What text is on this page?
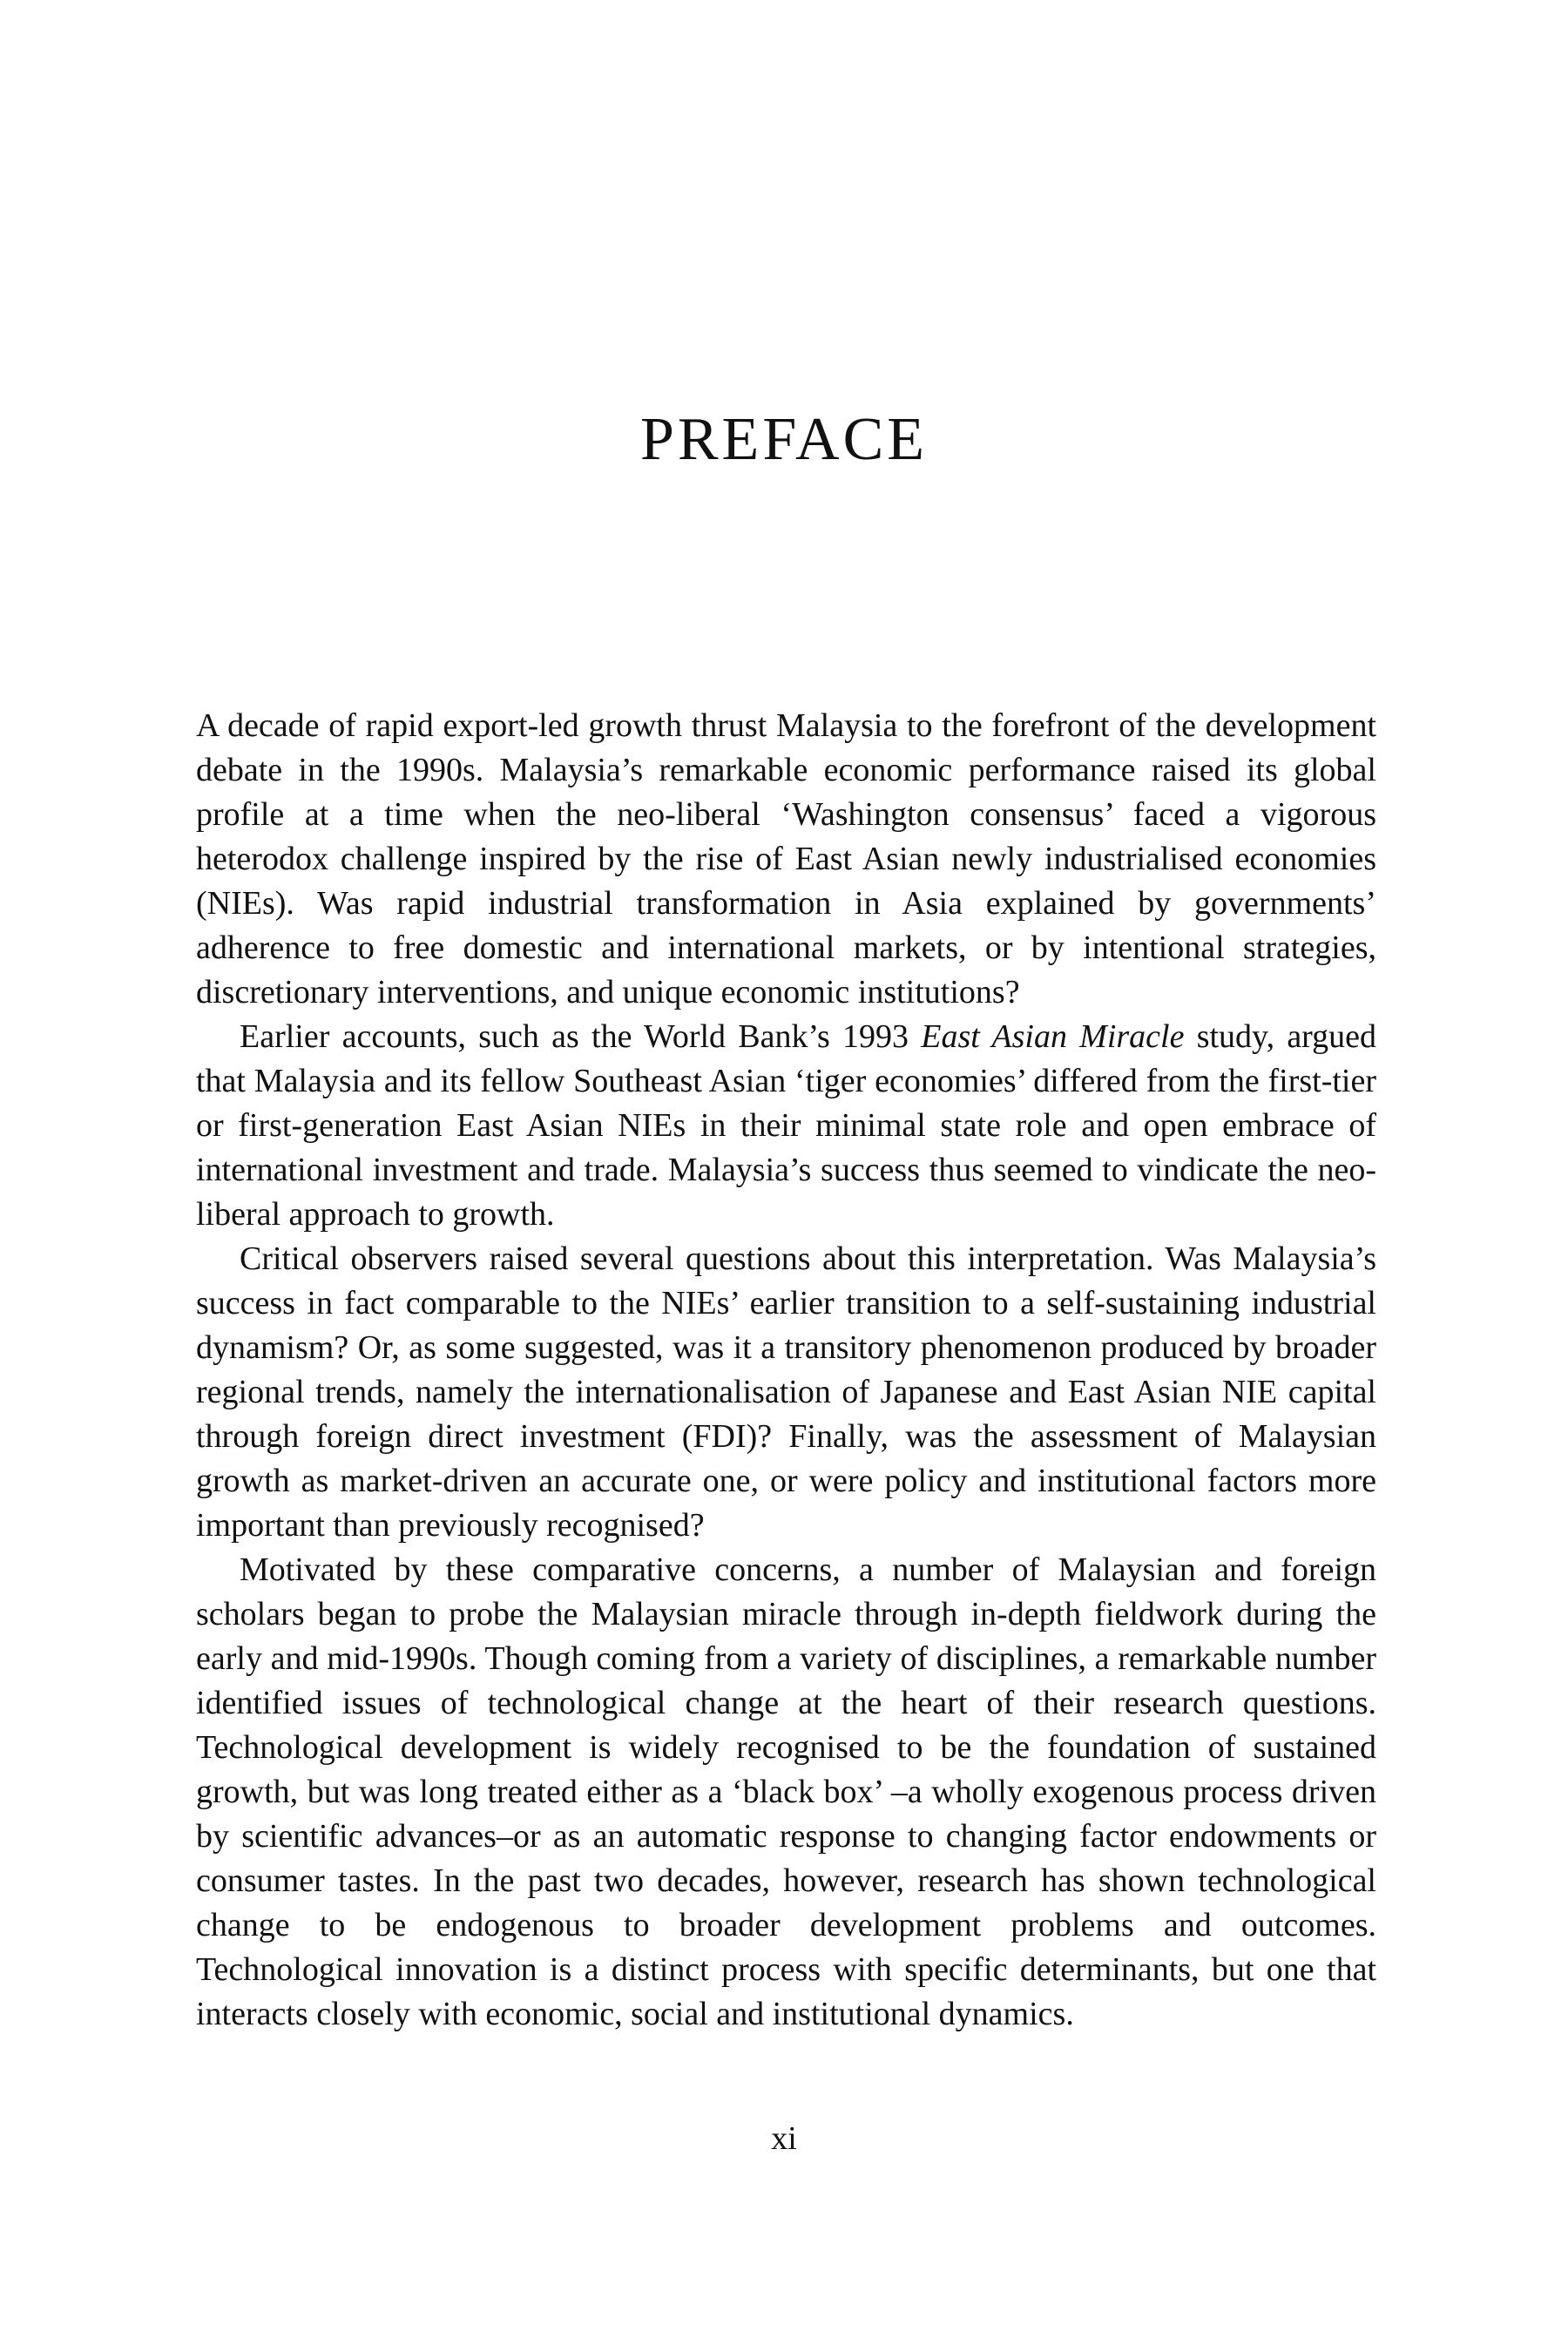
PREFACE

A decade of rapid export-led growth thrust Malaysia to the forefront of the development debate in the 1990s. Malaysia’s remarkable economic performance raised its global profile at a time when the neo-liberal ‘Washington consensus’ faced a vigorous heterodox challenge inspired by the rise of East Asian newly industrialised economies (NIEs). Was rapid industrial transformation in Asia explained by governments’ adherence to free domestic and international markets, or by intentional strategies, discretionary interventions, and unique economic institutions?

Earlier accounts, such as the World Bank’s 1993 East Asian Miracle study, argued that Malaysia and its fellow Southeast Asian ‘tiger economies’ differed from the first-tier or first-generation East Asian NIEs in their minimal state role and open embrace of international investment and trade. Malaysia’s success thus seemed to vindicate the neo-liberal approach to growth.

Critical observers raised several questions about this interpretation. Was Malaysia’s success in fact comparable to the NIEs’ earlier transition to a self-sustaining industrial dynamism? Or, as some suggested, was it a transitory phenomenon produced by broader regional trends, namely the internationalisation of Japanese and East Asian NIE capital through foreign direct investment (FDI)? Finally, was the assessment of Malaysian growth as market-driven an accurate one, or were policy and institutional factors more important than previously recognised?

Motivated by these comparative concerns, a number of Malaysian and foreign scholars began to probe the Malaysian miracle through in-depth fieldwork during the early and mid-1990s. Though coming from a variety of disciplines, a remarkable number identified issues of technological change at the heart of their research questions. Technological development is widely recognised to be the foundation of sustained growth, but was long treated either as a ‘black box’ –a wholly exogenous process driven by scientific advances–or as an automatic response to changing factor endowments or consumer tastes. In the past two decades, however, research has shown technological change to be endogenous to broader development problems and outcomes. Technological innovation is a distinct process with specific determinants, but one that interacts closely with economic, social and institutional dynamics.

xi
